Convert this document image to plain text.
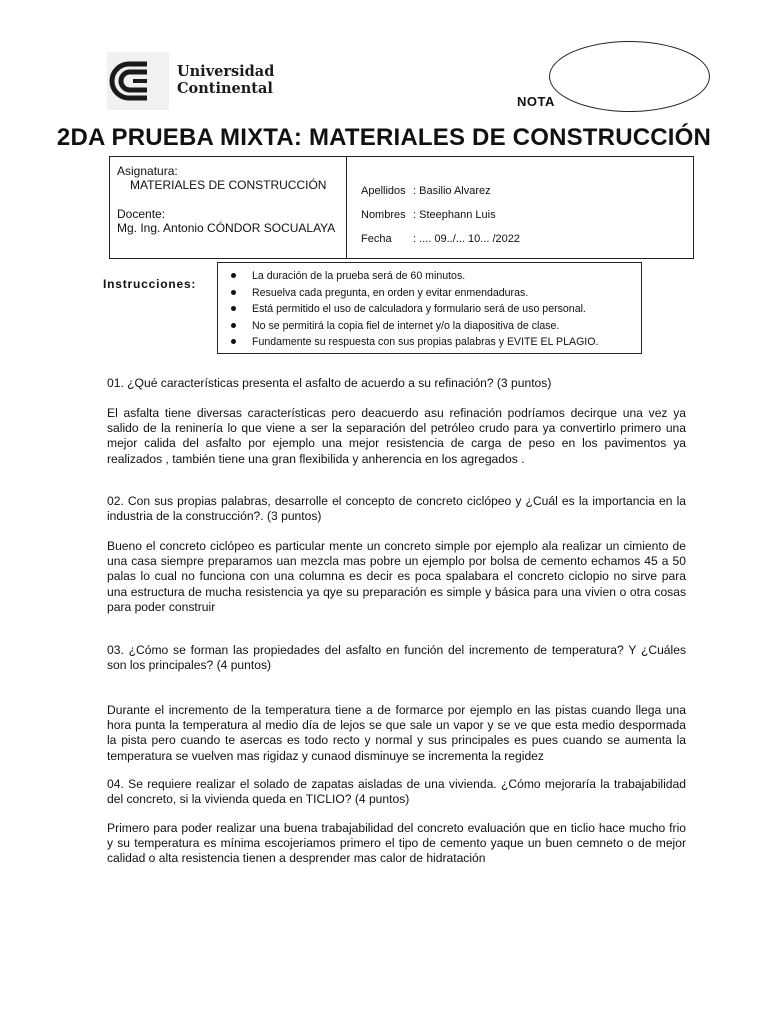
Universidad
Continental
NOTA
2DA PRUEBA MIXTA: MATERIALES DE CONSTRUCCIÓN
Asignatura:
MATERIALES DE CONSTRUCCIÓN
Docente:
Mg. Ing. Antonio CÓNDOR SOCUALAYA
Apellidos : Basilio Alvarez
Nombres : Steephann Luis
Fecha : .... 09../... 10... /2022
Instrucciones:
La duración de la prueba será de 60 minutos.
Resuelva cada pregunta, en orden y evitar enmendaduras.
Está permitido el uso de calculadora y formulario será de uso personal.
No se permitirá la copia fiel de internet y/o la diapositiva de clase.
Fundamente su respuesta con sus propias palabras y EVITE EL PLAGIO.
01. ¿Qué características presenta el asfalto de acuerdo a su refinación? (3 puntos)
El asfalta tiene diversas características pero deacuerdo asu refinación podríamos decirque una vez ya salido de la reninería lo que viene a ser la separación del petróleo crudo para ya convertirlo primero una mejor calida del asfalto por ejemplo una mejor resistencia de carga de peso en los pavimentos ya realizados , también tiene una gran flexibilida y anherencia en los agregados .
02. Con sus propias palabras, desarrolle el concepto de concreto ciclópeo y ¿Cuál es la importancia en la industria de la construcción?. (3 puntos)
Bueno el concreto ciclópeo es particular mente un concreto simple por ejemplo ala realizar un cimiento de una casa siempre preparamos uan mezcla mas pobre un ejemplo por bolsa de cemento echamos 45 a 50 palas lo cual no funciona con una columna es decir es poca spalabara el concreto ciclopio no sirve para una estructura de mucha resistencia ya qye su preparación es simple y básica para una vivien o otra cosas para poder construir
03. ¿Cómo se forman las propiedades del asfalto en función del incremento de temperatura? Y ¿Cuáles son los principales? (4 puntos)
Durante el incremento de la temperatura tiene a de formarce por ejemplo en las pistas cuando llega una hora punta la temperatura al medio día de lejos se que sale un vapor y se ve que esta medio despormada la pista pero cuando te asercas es todo recto y normal y sus principales es pues cuando se aumenta la temperatura se vuelven mas rigidaz y cunaod disminuye se incrementa la regidez
04. Se requiere realizar el solado de zapatas aisladas de una vivienda. ¿Cómo mejoraría la trabajabilidad del concreto, si la vivienda queda en TICLIO? (4 puntos)
Primero para poder realizar una buena trabajabilidad del concreto evaluación que en ticlio hace mucho frio y su temperatura es mínima escojeriamos primero el tipo de cemento yaque un buen cemneto o de mejor calidad o alta resistencia tienen a desprender mas calor de hidratación
